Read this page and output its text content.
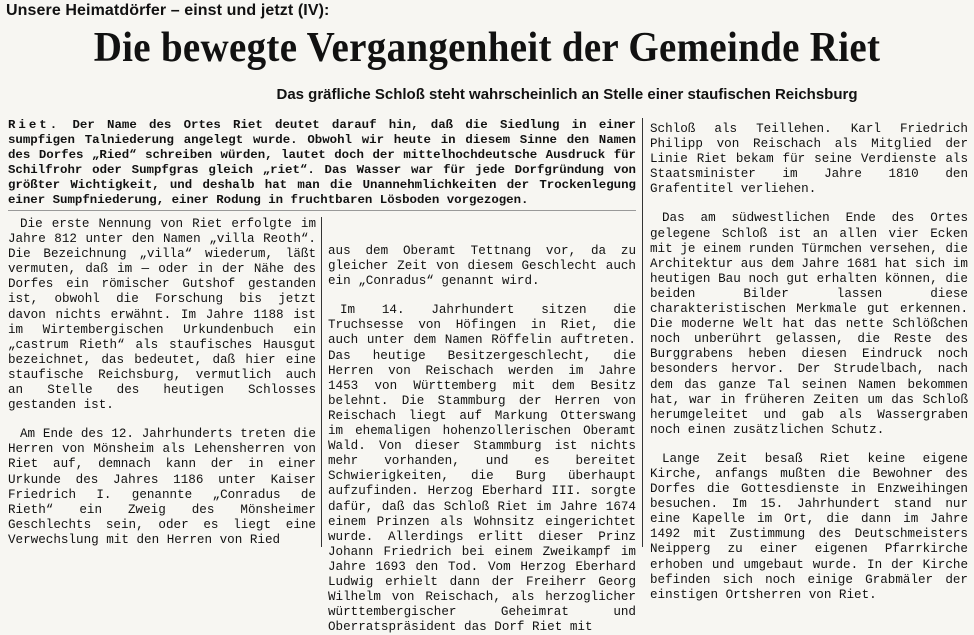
Unsere Heimatdörfer – einst und jetzt (IV):
Die bewegte Vergangenheit der Gemeinde Riet
Das gräfliche Schloß steht wahrscheinlich an Stelle einer staufischen Reichsburg
Riet. Der Name des Ortes Riet deutet darauf hin, daß die Siedlung in einer sumpfigen Talniederung angelegt wurde. Obwohl wir heute in diesem Sinne den Namen des Dorfes „Ried“ schreiben würden, lautet doch der mittelhochdeutsche Ausdruck für Schilfrohr oder Sumpfgras gleich „riet“. Das Wasser war für jede Dorfgründung von größter Wichtigkeit, und deshalb hat man die Unannehmlichkeiten der Trockenlegung einer Sumpfniederung, einer Rodung in fruchtbaren Lösboden vorgezogen.

Die erste Nennung von Riet erfolgte im Jahre 812 unter den Namen „villa Reoth“. Die Bezeichnung „villa“ wiederum, läßt vermuten, daß im — oder in der Nähe des Dorfes ein römischer Gutshof gestanden ist, obwohl die Forschung bis jetzt davon nichts erwähnt. Im Jahre 1188 ist im Wirtembergischen Urkundenbuch ein „castrum Rieth“ als staufisches Hausgut bezeichnet, das bedeutet, daß hier eine staufische Reichsburg, vermutlich auch an Stelle des heutigen Schlosses gestanden ist.

Am Ende des 12. Jahrhunderts treten die Herren von Mönsheim als Lehensherren von Riet auf, demnach kann der in einer Urkunde des Jahres 1186 unter Kaiser Friedrich I. genannte „Conradus de Rieth“ ein Zweig des Mönsheimer Geschlechts sein, oder es liegt eine Verwechslung mit den Herren von Ried

aus dem Oberamt Tettnang vor, da zu gleicher Zeit von diesem Geschlecht auch ein „Conradus“ genannt wird.

Im 14. Jahrhundert sitzen die Truchsesse von Höfingen in Riet, die auch unter dem Namen Röffelin auftreten. Das heutige Besitzergeschlecht, die Herren von Reischach werden im Jahre 1453 von Württemberg mit dem Besitz belehnt. Die Stammburg der Herren von Reischach liegt auf Markung Otterswang im ehemaligen hohenzollerischen Oberamt Wald. Von dieser Stammburg ist nichts mehr vorhanden, und es bereitet Schwierigkeiten, die Burg überhaupt aufzufinden. Herzog Eberhard III. sorgte dafür, daß das Schloß Riet im Jahre 1674 einem Prinzen als Wohnsitz eingerichtet wurde. Allerdings erlitt dieser Prinz Johann Friedrich bei einem Zweikampf im Jahre 1693 den Tod. Vom Herzog Eberhard Ludwig erhielt dann der Freiherr Georg Wilhelm von Reischach, als herzoglicher württembergischer Geheimrat und Oberratspräsident das Dorf Riet mit

Schloß als Teillehen. Karl Friedrich Philipp von Reischach als Mitglied der Linie Riet bekam für seine Verdienste als Staatsminister im Jahre 1810 den Grafentitel verliehen.

Das am südwestlichen Ende des Ortes gelegene Schloß ist an allen vier Ecken mit je einem runden Türmchen versehen, die Architektur aus dem Jahre 1681 hat sich im heutigen Bau noch gut erhalten können, die beiden Bilder lassen diese charakteristischen Merkmale gut erkennen. Die moderne Welt hat das nette Schlößchen noch unberührt gelassen, die Reste des Burggrabens heben diesen Eindruck noch besonders hervor. Der Strudelbach, nach dem das ganze Tal seinen Namen bekommen hat, war in früheren Zeiten um das Schloß herumgeleitet und gab als Wassergraben noch einen zusätzlichen Schutz.

Lange Zeit besaß Riet keine eigene Kirche, anfangs mußten die Bewohner des Dorfes die Gottesdienste in Enzweihingen besuchen. Im 15. Jahrhundert stand nur eine Kapelle im Ort, die dann im Jahre 1492 mit Zustimmung des Deutschmeisters Neipperg zu einer eigenen Pfarrkirche erhoben und umgebaut wurde. In der Kirche befinden sich noch einige Grabmäler der einstigen Ortsherren von Riet.
